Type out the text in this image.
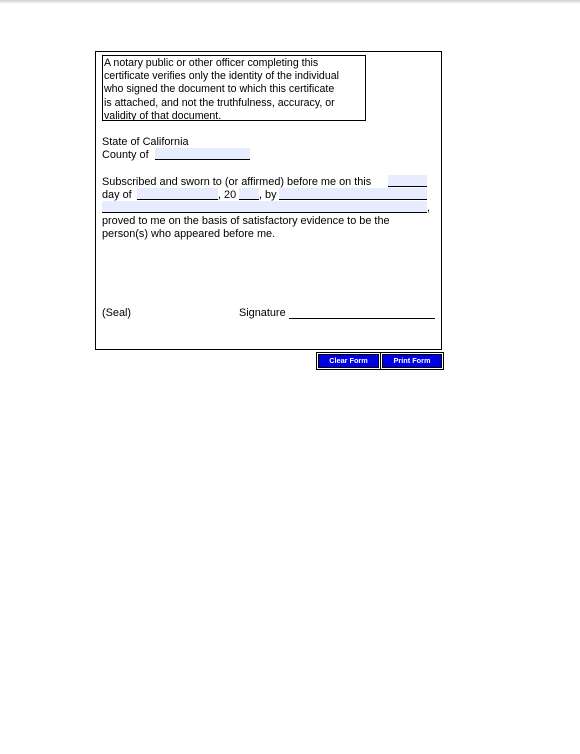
A notary public or other officer completing this
certificate verifies only the identity of the individual
who signed the document to which this certificate
is attached, and not the truthfulness, accuracy, or
validity of that document.
State of California
County of
Subscribed and sworn to (or affirmed) before me on this
day of	, 20 , by
,
proved to me on the basis of satisfactory evidence to be the
person(s) who appeared before me.
(Seal)	Signature
Clear Form	Print Form
